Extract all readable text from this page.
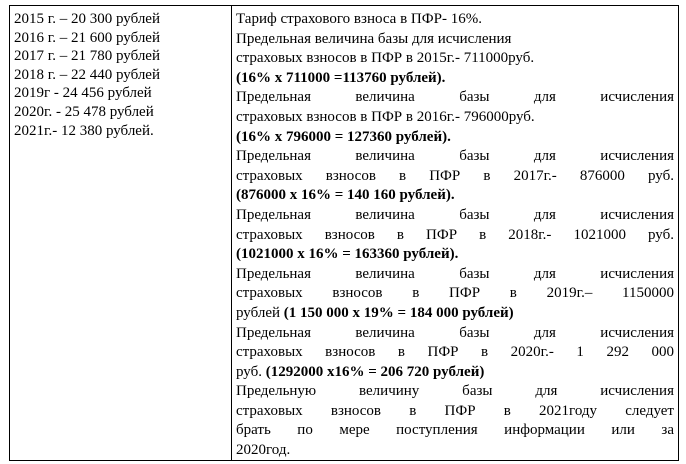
2015 г. – 20 300 рублей
2016 г. – 21 600 рублей
2017 г. – 21 780 рублей
2018 г. – 22 440 рублей
2019г - 24 456 рублей
2020г. - 25 478 рублей
2021г.- 12 380 рублей.
Тариф страхового взноса в ПФР- 16%.
Предельная величина базы для исчисления
страховых взносов в ПФР в 2015г.- 711000руб.
(16% х 711000 =113760 рублей).
Предельная величина базы для исчисления
страховых взносов в ПФР в 2016г.- 796000руб.
(16% х 796000 = 127360 рублей).
Предельная величина базы для исчисления
страховых взносов в ПФР в 2017г.- 876000 руб.
(876000 х 16% = 140 160 рублей).
Предельная величина базы для исчисления
страховых взносов в ПФР в 2018г.- 1021000 руб.
(1021000 х 16% = 163360 рублей).
Предельная величина базы для исчисления
страховых взносов в ПФР в 2019г.– 1150000
рублей (1 150 000 х 19% = 184 000 рублей)
Предельная величина базы для исчисления
страховых взносов в ПФР в 2020г.- 1 292 000
руб. (1292000 х16% = 206 720 рублей)
Предельную величину базы для исчисления
страховых взносов в ПФР в 2021году следует
брать по мере поступления информации или за
2020год.
